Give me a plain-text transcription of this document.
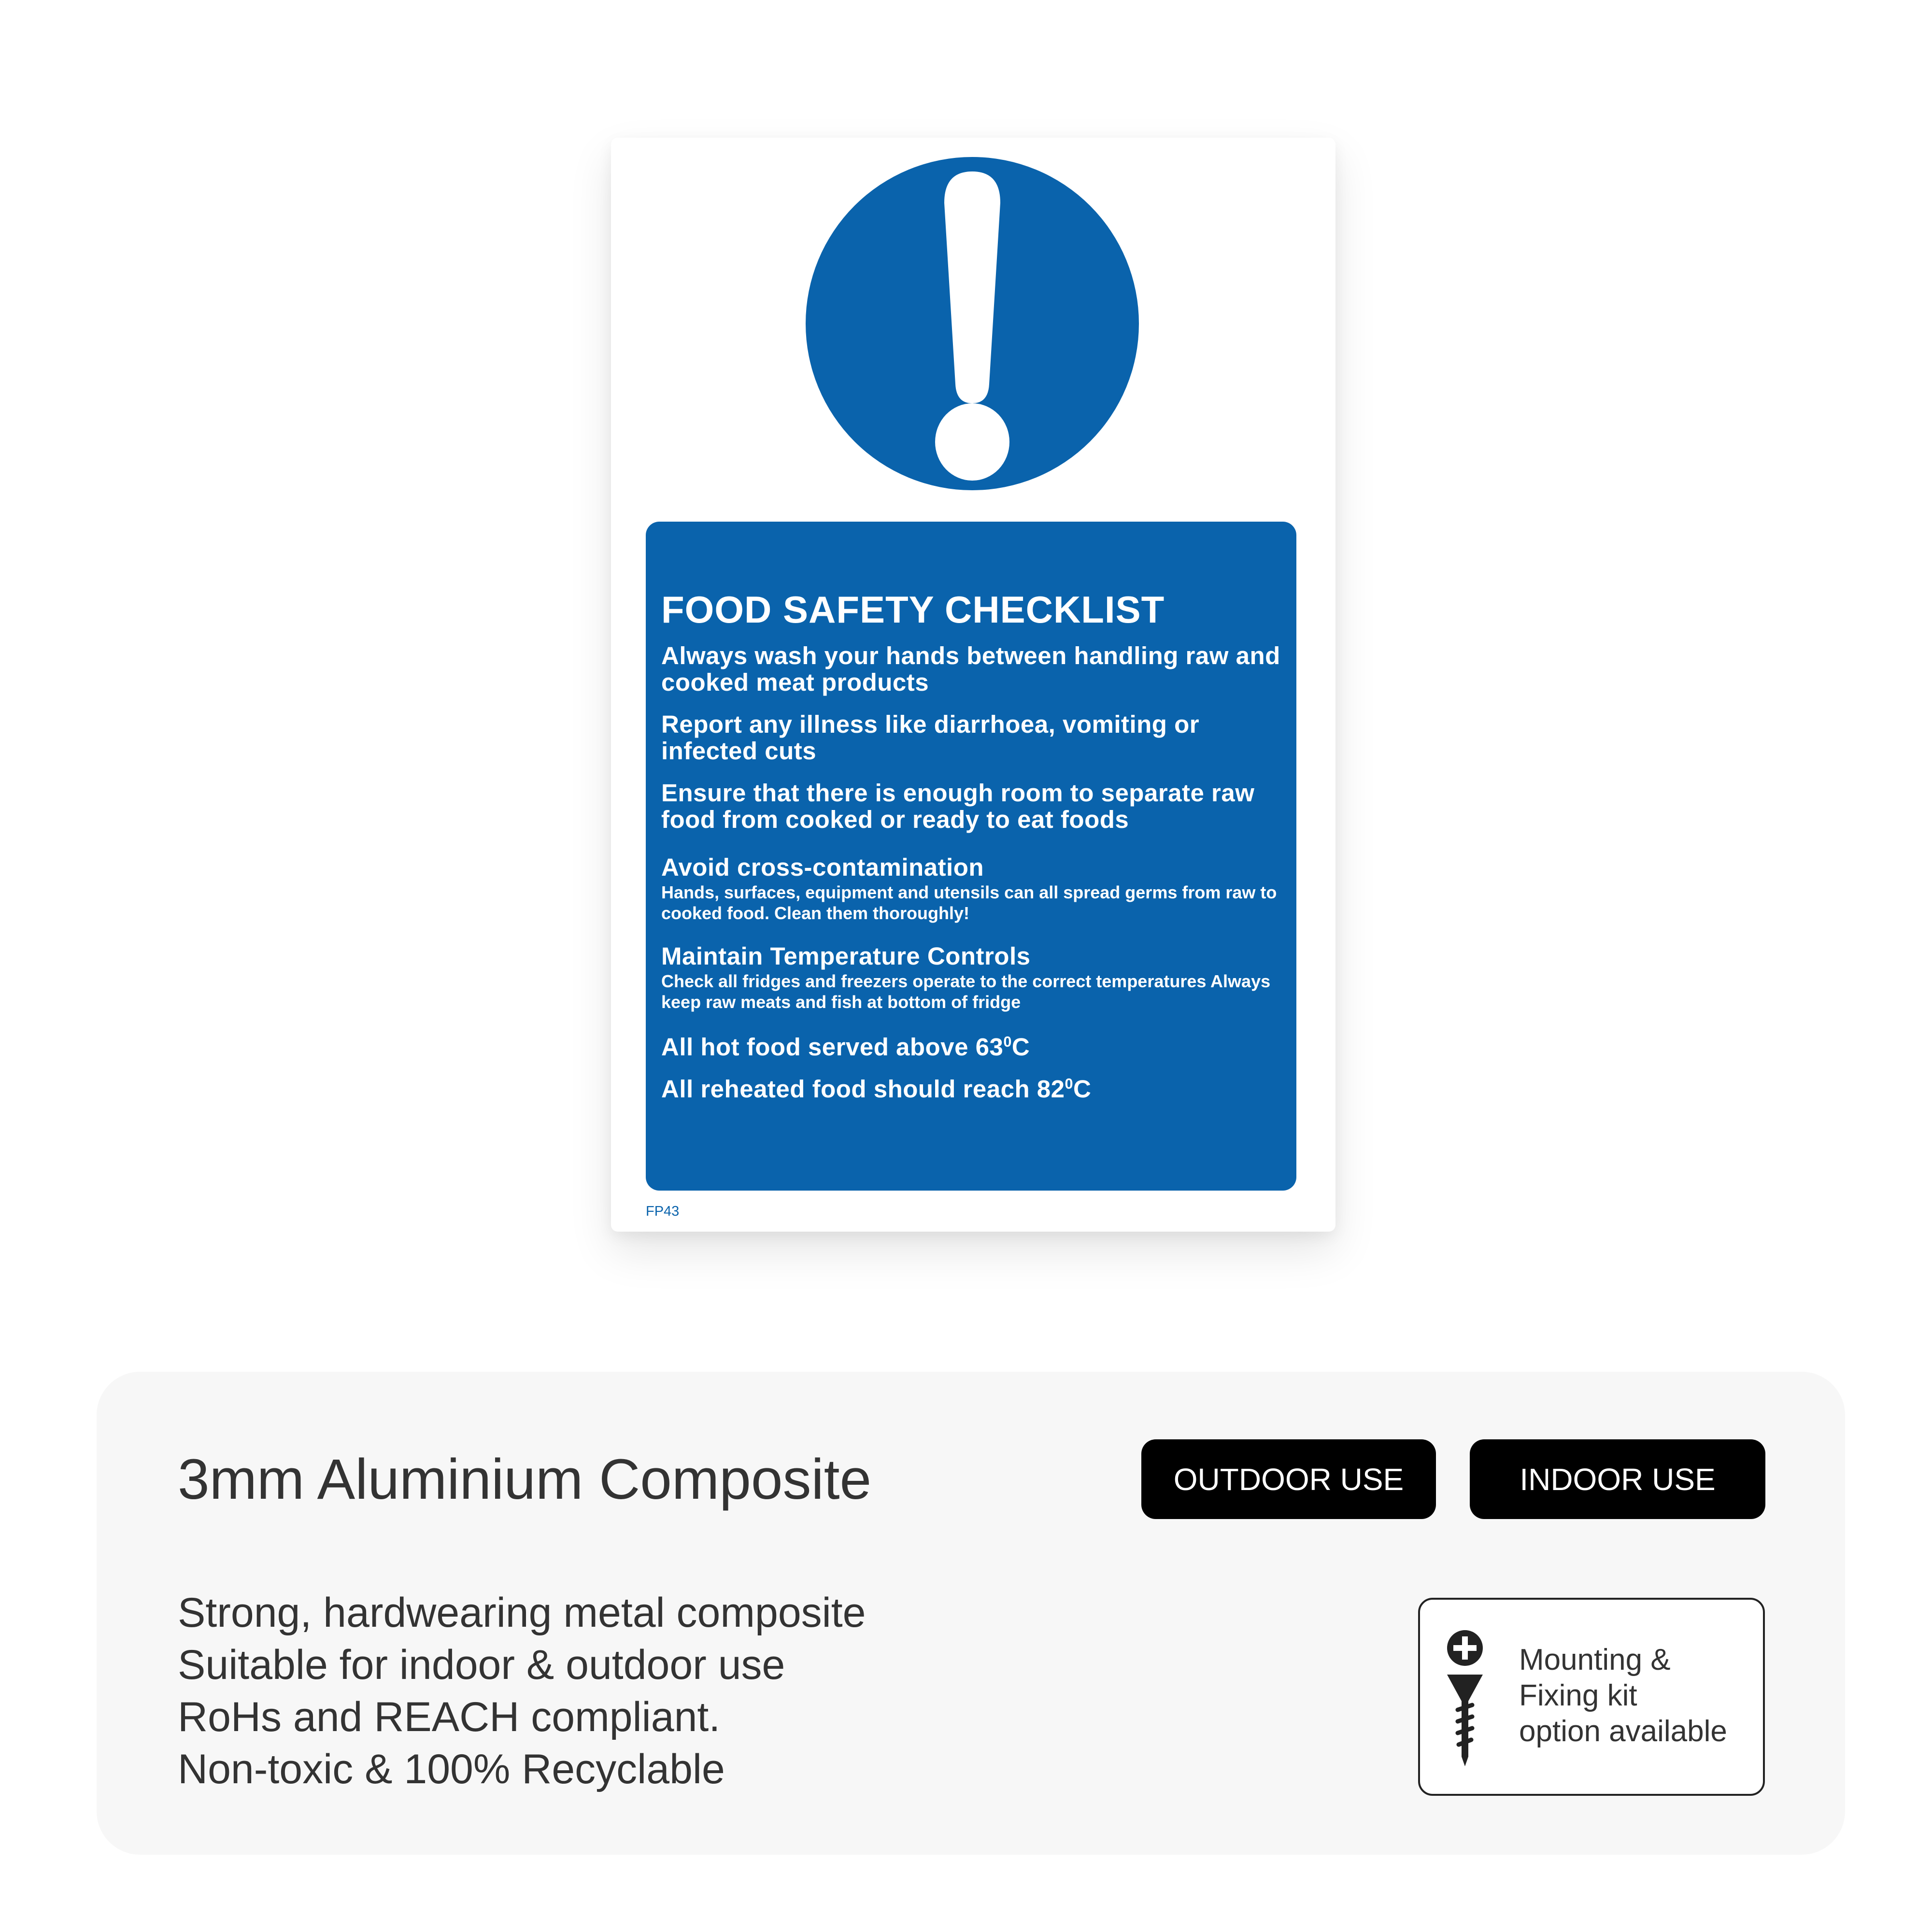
FOOD SAFETY CHECKLIST
Always wash your hands between handling raw and cooked meat products
Report any illness like diarrhoea, vomiting or infected cuts
Ensure that there is enough room to separate raw food from cooked or ready to eat foods
Avoid cross-contamination
Hands, surfaces, equipment and utensils can all spread germs from raw to cooked food. Clean them thoroughly!
Maintain Temperature Controls
Check all fridges and freezers operate to the correct temperatures Always keep raw meats and fish at bottom of fridge
All hot food served above $63^0C$
All reheated food should reach $82^0C$
FP43
3mm Aluminium Composite	OUTDOOR USE	INDOOR USE
Strong, hardwearing metal composite
Suitable for indoor & outdoor use
RoHs and REACH compliant.
Non-toxic & 100% Recyclable
Mounting &
Fixing kit
option available
